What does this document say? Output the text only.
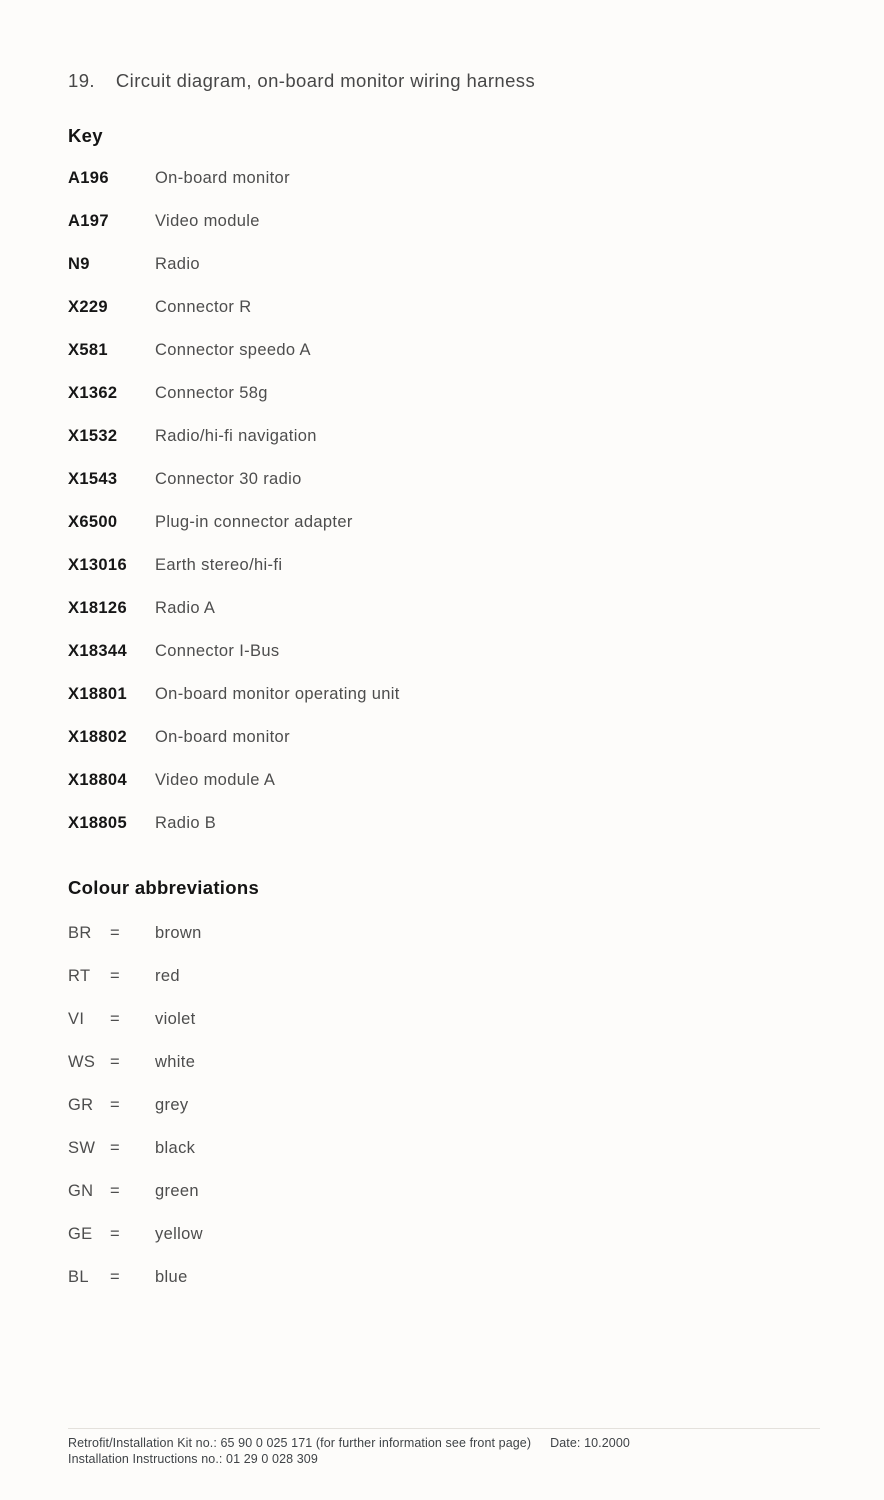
19. Circuit diagram, on-board monitor wiring harness
Key
A196	On-board monitor
A197	Video module
N9	Radio
X229	Connector R
X581	Connector speedo A
X1362	Connector 58g
X1532	Radio/hi-fi navigation
X1543	Connector 30 radio
X6500	Plug-in connector adapter
X13016	Earth stereo/hi-fi
X18126	Radio A
X18344	Connector I-Bus
X18801	On-board monitor operating unit
X18802	On-board monitor
X18804	Video module A
X18805	Radio B
Colour abbreviations
BR	=	brown
RT	=	red
VI	=	violet
WS =	white
GR	=	grey
SW =	black
GN	=	green
GE	=	yellow
BL	=	blue
Retrofit/Installation Kit no.: 65 90 0 025 171 (for further information see front page) Date: 10.2000
Installation Instructions no.: 01 29 0 028 309
